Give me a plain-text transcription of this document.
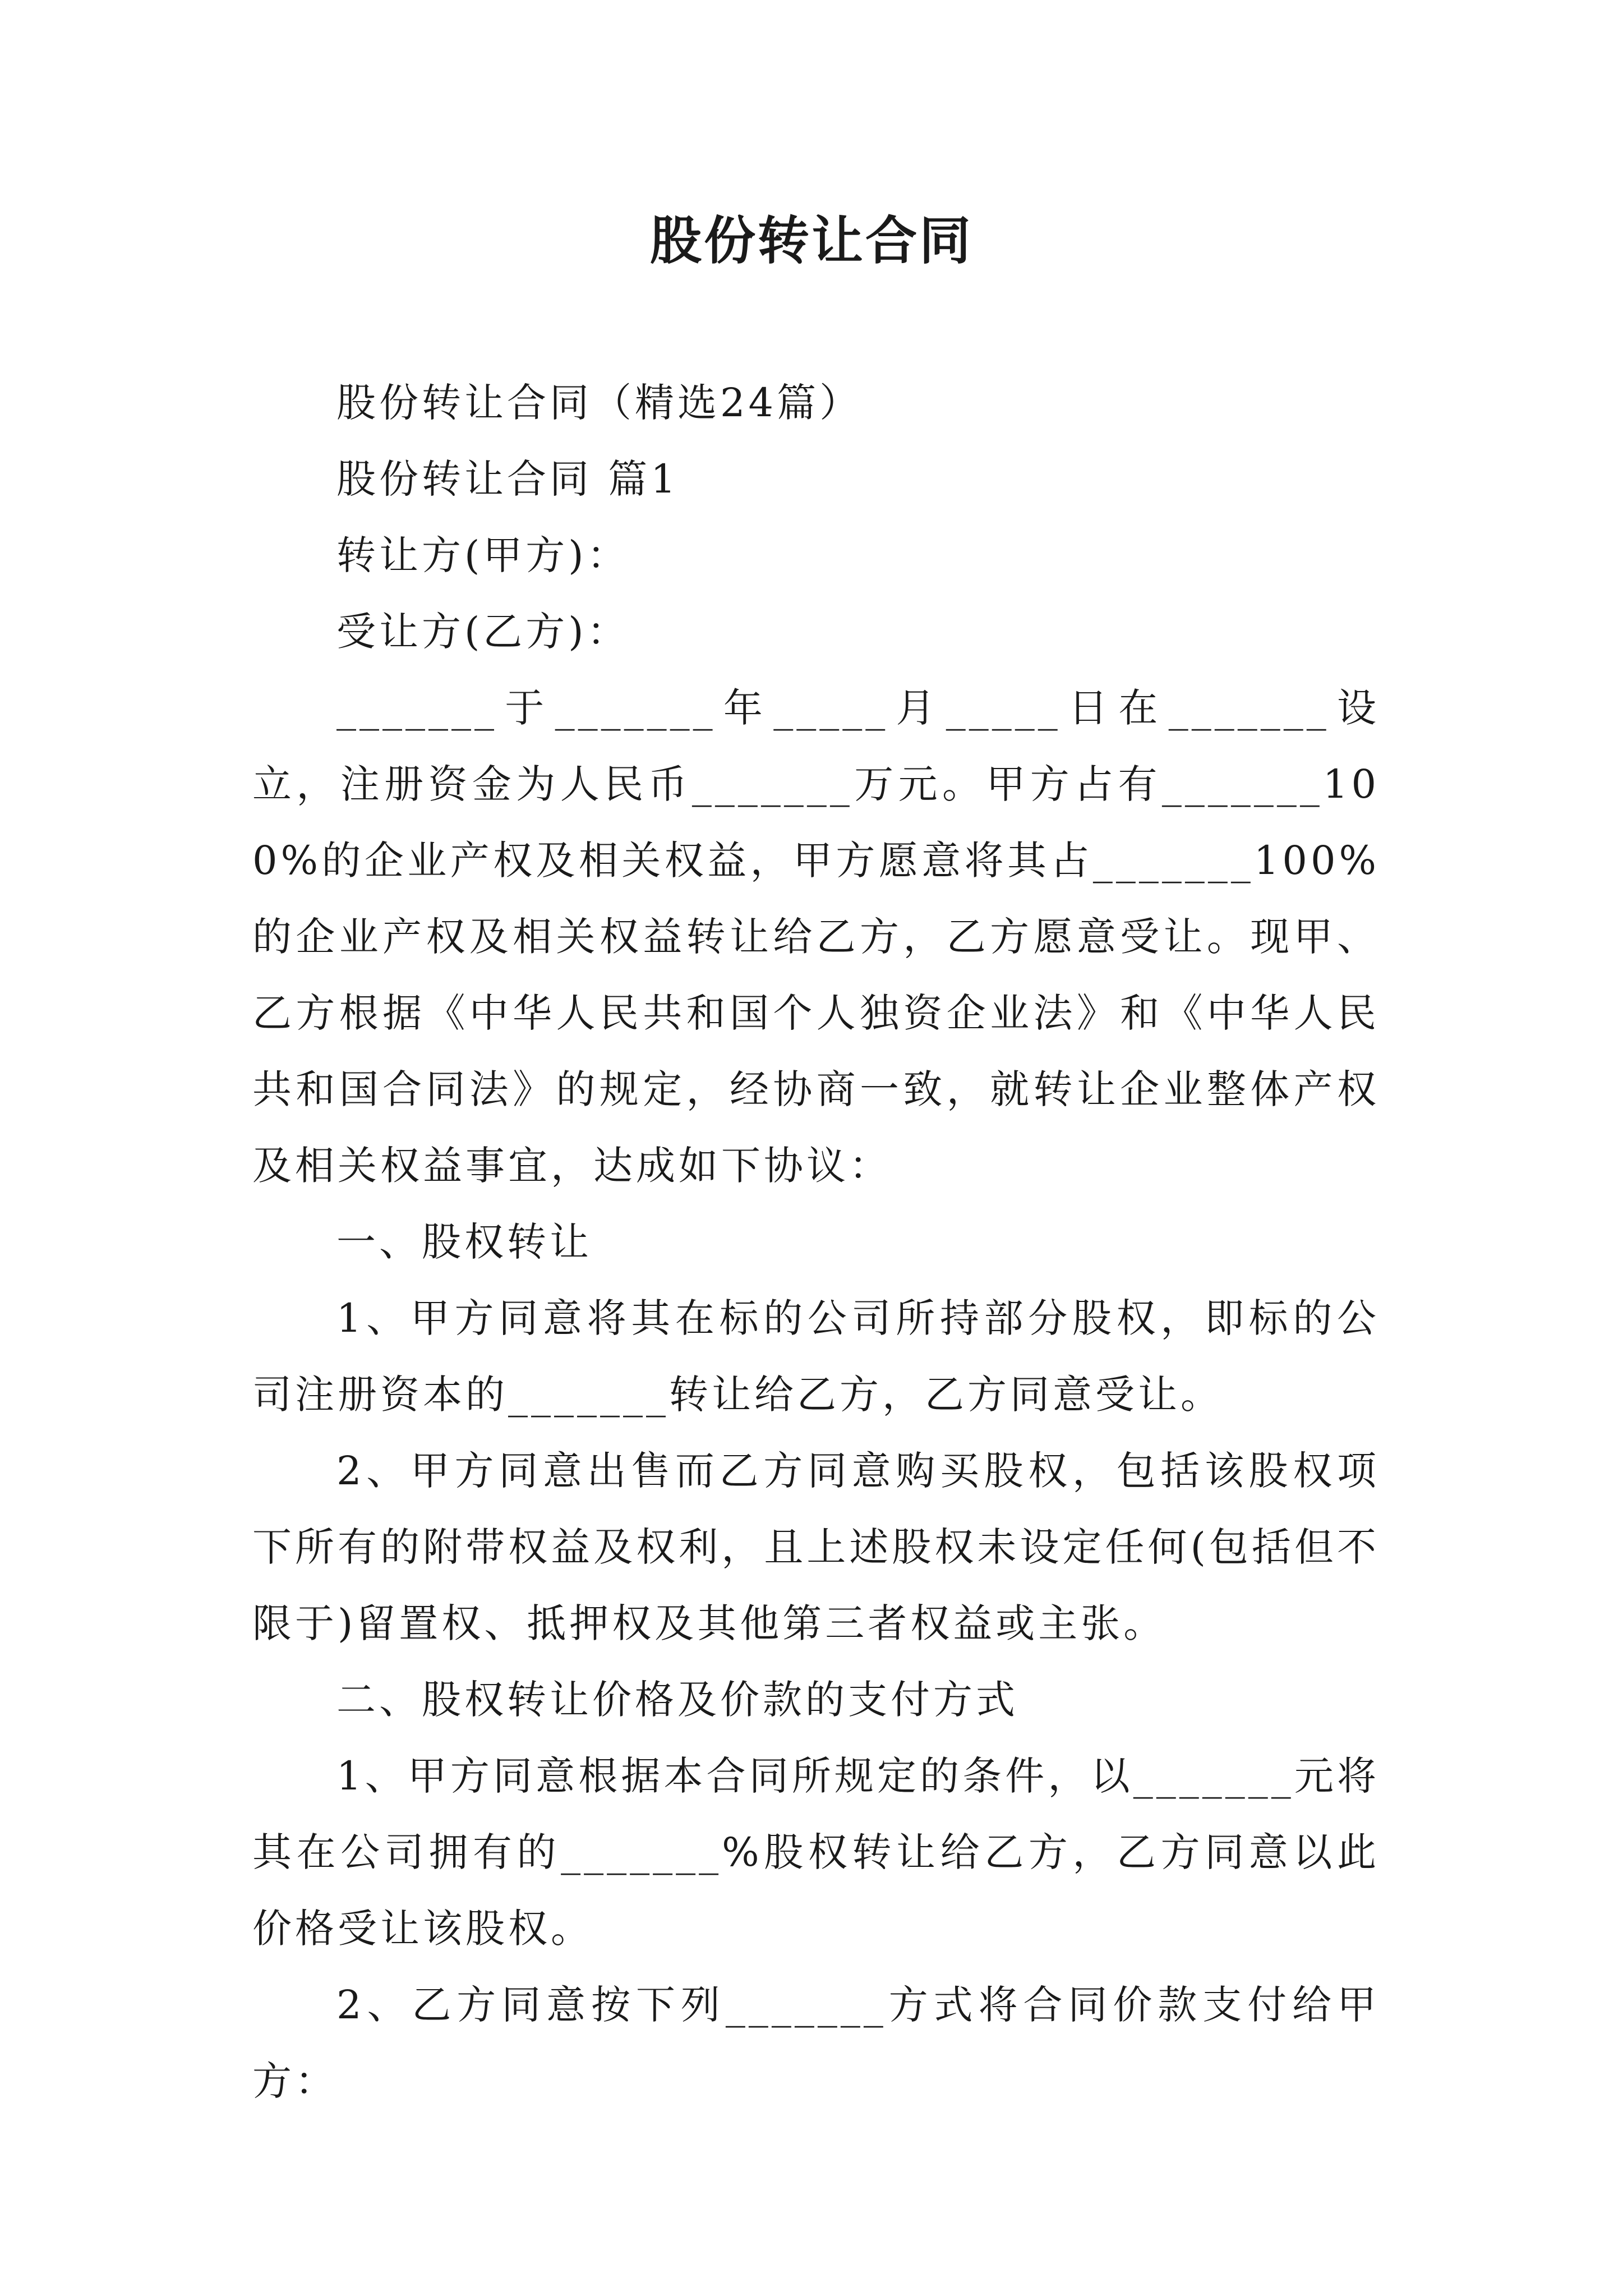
股份转让合同

股份转让合同（精选24篇）

股份转让合同 篇1

转让方(甲方)：

受让方(乙方)：

_______于_______年_____月_____日在_______设立，注册资金为人民币_______万元。甲方占有_______100%的企业产权及相关权益，甲方愿意将其占_______100%的企业产权及相关权益转让给乙方，乙方愿意受让。现甲、乙方根据《中华人民共和国个人独资企业法》和《中华人民共和国合同法》的规定，经协商一致，就转让企业整体产权及相关权益事宜，达成如下协议：

一、股权转让

1、甲方同意将其在标的公司所持部分股权，即标的公司注册资本的_______转让给乙方，乙方同意受让。

2、甲方同意出售而乙方同意购买股权，包括该股权项下所有的附带权益及权利，且上述股权未设定任何(包括但不限于)留置权、抵押权及其他第三者权益或主张。

二、股权转让价格及价款的支付方式

1、甲方同意根据本合同所规定的条件，以_______元将其在公司拥有的_______%股权转让给乙方，乙方同意以此价格受让该股权。

2、乙方同意按下列_______方式将合同价款支付给甲方：
